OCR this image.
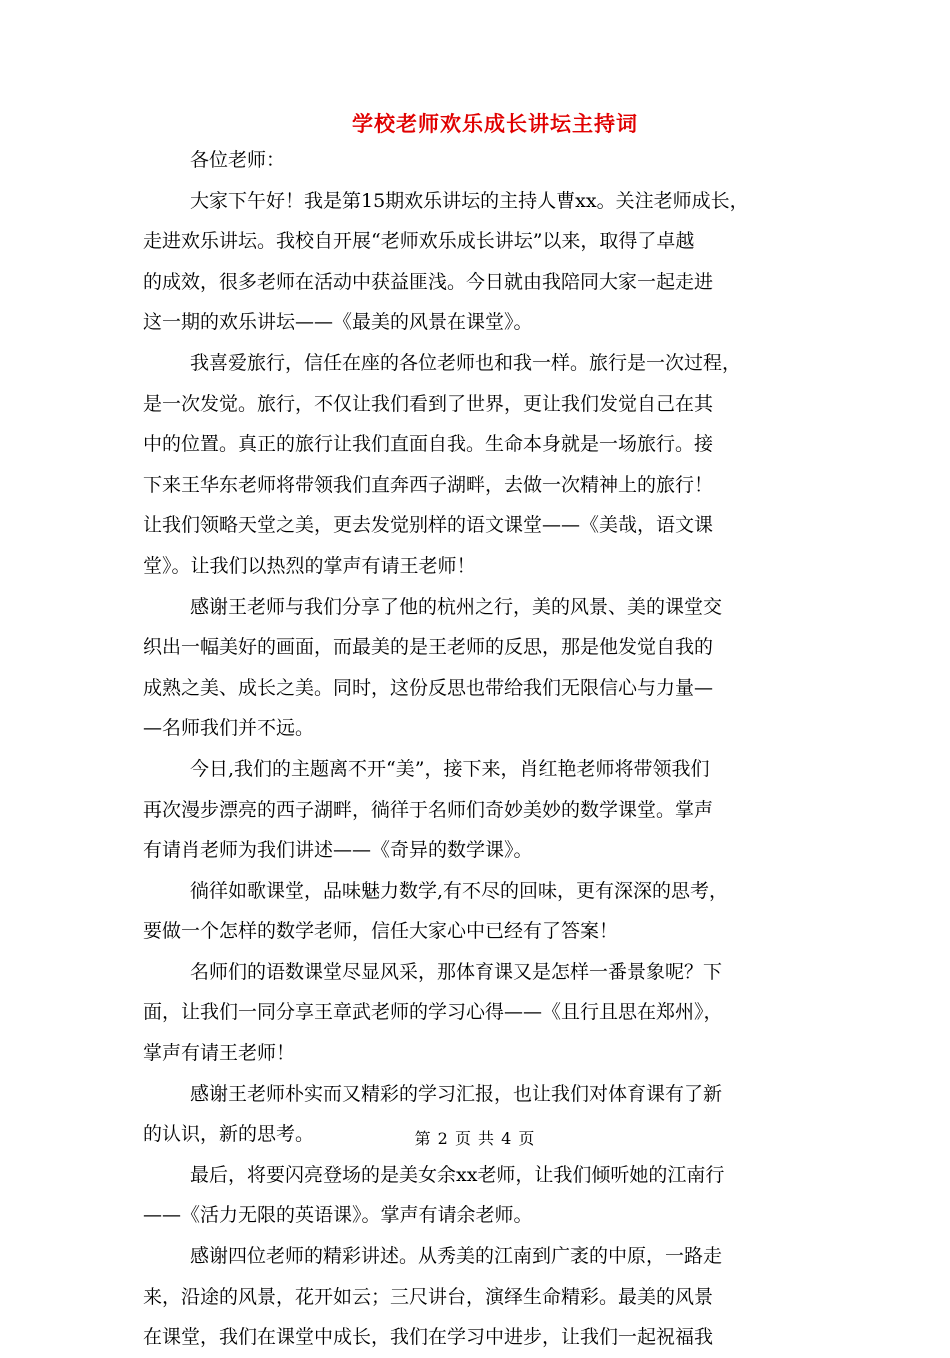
学校老师欢乐成长讲坛主持词
各位老师：
大家下午好！我是第15期欢乐讲坛的主持人曹xx。关注老师成长，
走进欢乐讲坛。我校自开展“老师欢乐成长讲坛”以来，取得了卓越
的成效，很多老师在活动中获益匪浅。今日就由我陪同大家一起走进
这一期的欢乐讲坛——《最美的风景在课堂》。
我喜爱旅行，信任在座的各位老师也和我一样。旅行是一次过程，
是一次发觉。旅行，不仅让我们看到了世界，更让我们发觉自己在其
中的位置。真正的旅行让我们直面自我。生命本身就是一场旅行。接
下来王华东老师将带领我们直奔西子湖畔，去做一次精神上的旅行！
让我们领略天堂之美，更去发觉别样的语文课堂——《美哉，语文课
堂》。让我们以热烈的掌声有请王老师！
感谢王老师与我们分享了他的杭州之行，美的风景、美的课堂交
织出一幅美好的画面，而最美的是王老师的反思，那是他发觉自我的
成熟之美、成长之美。同时，这份反思也带给我们无限信心与力量—
—名师我们并不远。
今日,我们的主题离不开“美”，接下来，肖红艳老师将带领我们
再次漫步漂亮的西子湖畔，徜徉于名师们奇妙美妙的数学课堂。掌声
有请肖老师为我们讲述——《奇异的数学课》。
徜徉如歌课堂，品味魅力数学,有不尽的回味，更有深深的思考，
要做一个怎样的数学老师，信任大家心中已经有了答案！
名师们的语数课堂尽显风采，那体育课又是怎样一番景象呢？下
面，让我们一同分享王章武老师的学习心得——《且行且思在郑州》，
掌声有请王老师！
感谢王老师朴实而又精彩的学习汇报，也让我们对体育课有了新
的认识，新的思考。
最后，将要闪亮登场的是美女余xx老师，让我们倾听她的江南行
——《活力无限的英语课》。掌声有请余老师。
感谢四位老师的精彩讲述。从秀美的江南到广袤的中原，一路走
来，沿途的风景，花开如云；三尺讲台，演绎生命精彩。最美的风景
在课堂，我们在课堂中成长，我们在学习中进步，让我们一起祝福我
第 2 页 共 4 页
